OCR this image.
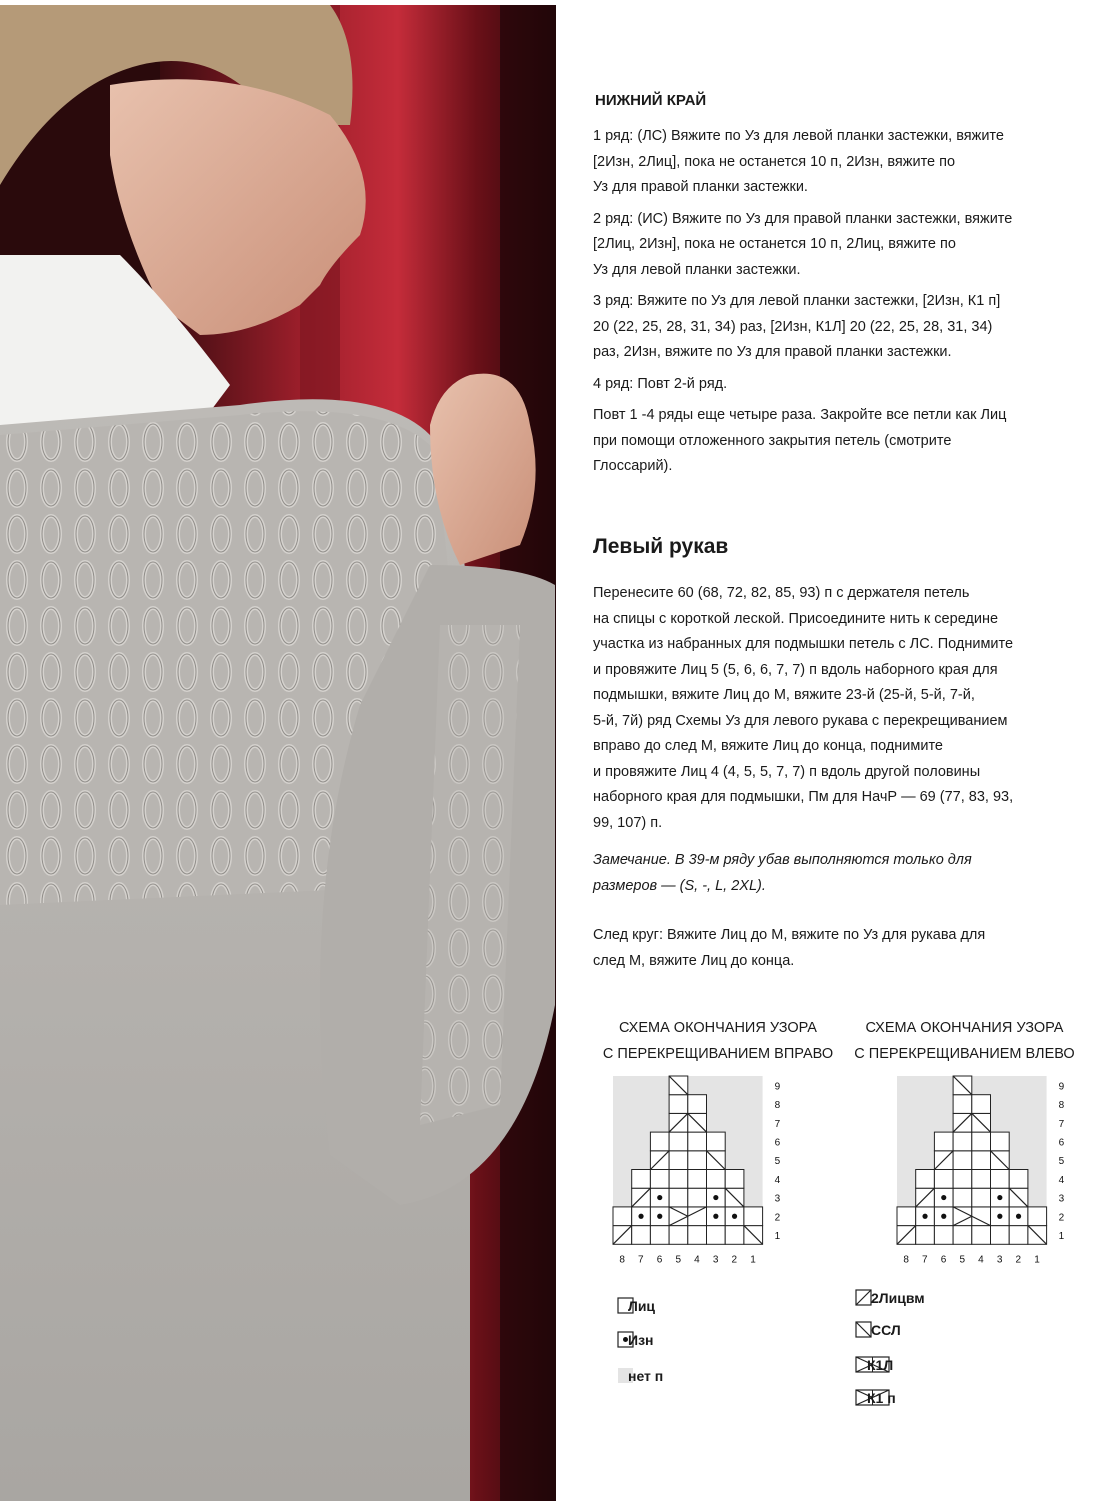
НИЖНИЙ КРАЙ

1 ряд: (ЛС) Вяжите по Уз для левой планки застежки, вяжите
[2Изн, 2Лиц], пока не останется 10 п, 2Изн, вяжите по
Уз для правой планки застежки.

2 ряд: (ИС) Вяжите по Уз для правой планки застежки, вяжите
[2Лиц, 2Изн], пока не останется 10 п, 2Лиц, вяжите по
Уз для левой планки застежки.

3 ряд: Вяжите по Уз для левой планки застежки, [2Изн, К1 п]
20 (22, 25, 28, 31, 34) раз, [2Изн, К1Л] 20 (22, 25, 28, 31, 34)
раз, 2Изн, вяжите по Уз для правой планки застежки.

4 ряд: Повт 2-й ряд.

Повт 1 -4 ряды еще четыре раза. Закройте все петли как Лиц
при помощи отложенного закрытия петель (смотрите
Глоссарий).

Левый рукав
Перенесите 60 (68, 72, 82, 85, 93) п с держателя петель
на спицы с короткой леской. Присоедините нить к середине
участка из набранных для подмышки петель с ЛС. Поднимите
и провяжите Лиц 5 (5, 6, 6, 7, 7) п вдоль наборного края для
подмышки, вяжите Лиц до М, вяжите 23-й (25-й, 5-й, 7-й,
5-й, 7й) ряд Схемы Уз для левого рукава с перекрещиванием
вправо до след М, вяжите Лиц до конца, поднимите
и провяжите Лиц 4 (4, 5, 5, 7, 7) п вдоль другой половины
наборного края для подмышки, Пм для НачР — 69 (77, 83, 93,
99, 107) п.
Замечание. В 39-м ряду убав выполняются только для
размеров — (S, -, L, 2XL).
След круг: Вяжите Лиц до М, вяжите по Уз для рукава для
след М, вяжите Лиц до конца.
СХЕМА ОКОНЧАНИЯ УЗОРА
С ПЕРЕКРЕЩИВАНИЕМ ВПРАВО
СХЕМА ОКОНЧАНИЯ УЗОРА
С ПЕРЕКРЕЩИВАНИЕМ ВЛЕВО
1
2
3
4
5
6
7
8
9
8 7 6 5 4 3 2 1
1
2
3
4
5
6
7
8
9
8 7 6 5 4 3 2 1
Лиц
Изн
нет п
2Лицвм
ССЛ
К1Л
К1 п
